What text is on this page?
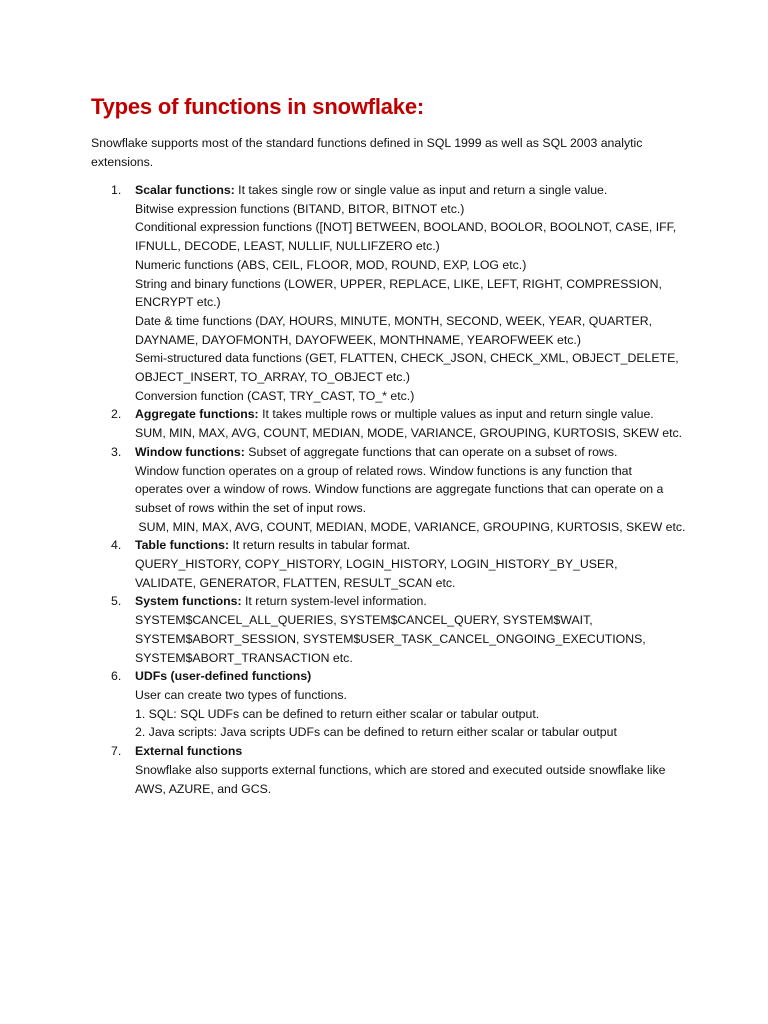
Types of functions in snowflake:

Snowflake supports most of the standard functions defined in SQL 1999 as well as SQL 2003 analytic extensions.

1.	Scalar functions: It takes single row or single value as input and return a single value.
Bitwise expression functions (BITAND, BITOR, BITNOT etc.)
Conditional expression functions ([NOT] BETWEEN, BOOLAND, BOOLOR, BOOLNOT, CASE, IFF, IFNULL, DECODE, LEAST, NULLIF, NULLIFZERO etc.)
Numeric functions (ABS, CEIL, FLOOR, MOD, ROUND, EXP, LOG etc.)
String and binary functions (LOWER, UPPER, REPLACE, LIKE, LEFT, RIGHT, COMPRESSION, ENCRYPT etc.)
Date & time functions (DAY, HOURS, MINUTE, MONTH, SECOND, WEEK, YEAR, QUARTER, DAYNAME, DAYOFMONTH, DAYOFWEEK, MONTHNAME, YEAROFWEEK etc.)
Semi-structured data functions (GET, FLATTEN, CHECK_JSON, CHECK_XML, OBJECT_DELETE, OBJECT_INSERT, TO_ARRAY, TO_OBJECT etc.)
Conversion function (CAST, TRY_CAST, TO_* etc.)
2.	Aggregate functions: It takes multiple rows or multiple values as input and return single value.
SUM, MIN, MAX, AVG, COUNT, MEDIAN, MODE, VARIANCE, GROUPING, KURTOSIS, SKEW etc.
3.	Window functions: Subset of aggregate functions that can operate on a subset of rows.
Window function operates on a group of related rows. Window functions is any function that operates over a window of rows. Window functions are aggregate functions that can operate on a subset of rows within the set of input rows.
SUM, MIN, MAX, AVG, COUNT, MEDIAN, MODE, VARIANCE, GROUPING, KURTOSIS, SKEW etc.
4.	Table functions: It return results in tabular format.
QUERY_HISTORY, COPY_HISTORY, LOGIN_HISTORY, LOGIN_HISTORY_BY_USER, VALIDATE, GENERATOR, FLATTEN, RESULT_SCAN etc.
5.	System functions: It return system-level information.
SYSTEM$CANCEL_ALL_QUERIES, SYSTEM$CANCEL_QUERY, SYSTEM$WAIT, SYSTEM$ABORT_SESSION, SYSTEM$USER_TASK_CANCEL_ONGOING_EXECUTIONS, SYSTEM$ABORT_TRANSACTION etc.
6.	UDFs (user-defined functions)
User can create two types of functions.
1. SQL: SQL UDFs can be defined to return either scalar or tabular output.
2. Java scripts: Java scripts UDFs can be defined to return either scalar or tabular output
7.	External functions
Snowflake also supports external functions, which are stored and executed outside snowflake like AWS, AZURE, and GCS.
